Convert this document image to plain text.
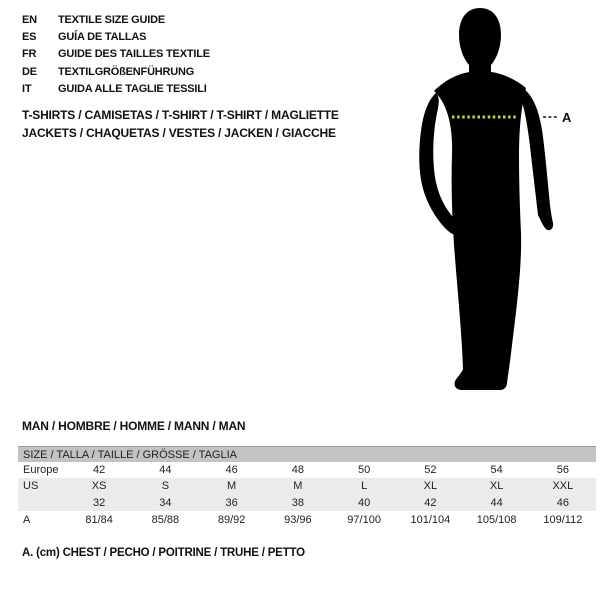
EN TEXTILE SIZE GUIDE
ES GUÍA DE TALLAS
FR GUIDE DES TAILLES TEXTILE
DE TEXTILGRÖßENFÜHRUNG
IT GUIDA ALLE TAGLIE TESSILI
T-SHIRTS / CAMISETAS / T-SHIRT / T-SHIRT / MAGLIETTE
JACKETS / CHAQUETAS / VESTES / JACKEN / GIACCHE
A
MAN / HOMBRE / HOMME / MANN / MAN
SIZE / TALLA / TAILLE / GRÖSSE / TAGLIA								
Europe	42	44	46	48	50	52	54	56
US	XS	S	M	M	L	XL	XL	XXL
	32	34	36	38	40	42	44	46
A	81/84	85/88	89/92	93/96	97/100	101/104	105/108	109/112
A. (cm) CHEST / PECHO / POITRINE / TRUHE / PETTO
